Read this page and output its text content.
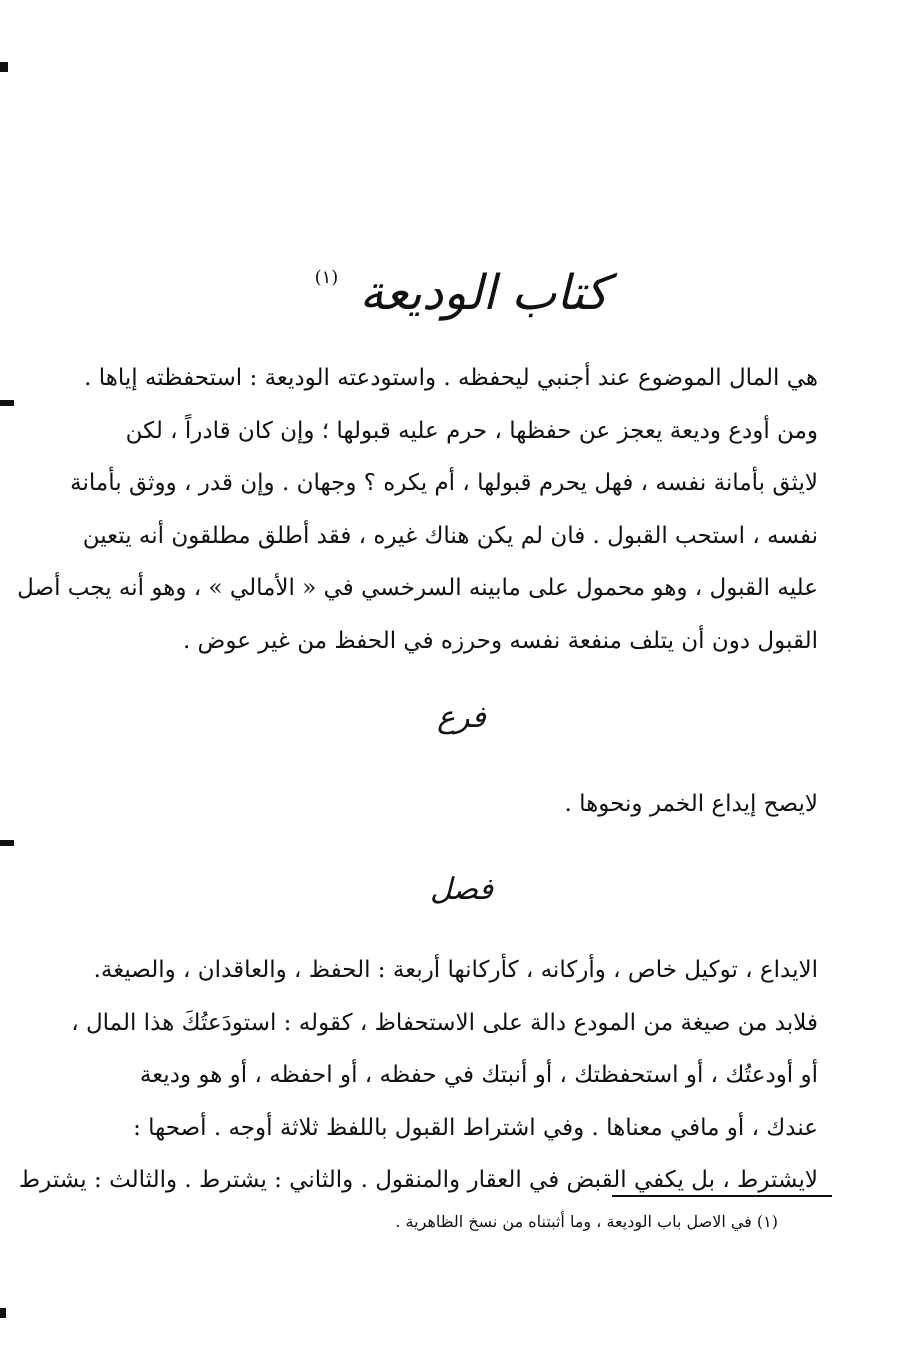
كتاب الوديعة $^{(١)}$
هي المال الموضوع عند أجنبي ليحفظه . واستودعته الوديعة : استحفظته إياها .
ومن أودع وديعة يعجز عن حفظها ، حرم عليه قبولها ؛ وإن كان قادراً ، لكن
لايثق بأمانة نفسه ، فهل يحرم قبولها ، أم يكره ؟ وجهان . وإن قدر ، ووثق بأمانة
نفسه ، استحب القبول . فان لم يكن هناك غيره ، فقد أطلق مطلقون أنه يتعين
عليه القبول ، وهو محمول على مابينه السرخسي في « الأمالي » ، وهو أنه يجب أصل
القبول دون أن يتلف منفعة نفسه وحرزه في الحفظ من غير عوض .
فرع
لايصح إيداع الخمر ونحوها .
فصل
الايداع ، توكيل خاص ، وأركانه ، كأركانها أربعة : الحفظ ، والعاقدان ، والصيغة.
فلابد من صيغة من المودع دالة على الاستحفاظ ، كقوله : استودَعتُكَ هذا المال ،
أو أودعتُك ، أو استحفظتك ، أو أنبتك في حفظه ، أو احفظه ، أو هو وديعة
عندك ، أو مافي معناها . وفي اشتراط القبول باللفظ ثلاثة أوجه . أصحها :
لايشترط ، بل يكفي القبض في العقار والمنقول . والثاني : يشترط . والثالث : يشترط
(١) في الاصل باب الوديعة ، وما أثبتناه من نسخ الظاهرية .
